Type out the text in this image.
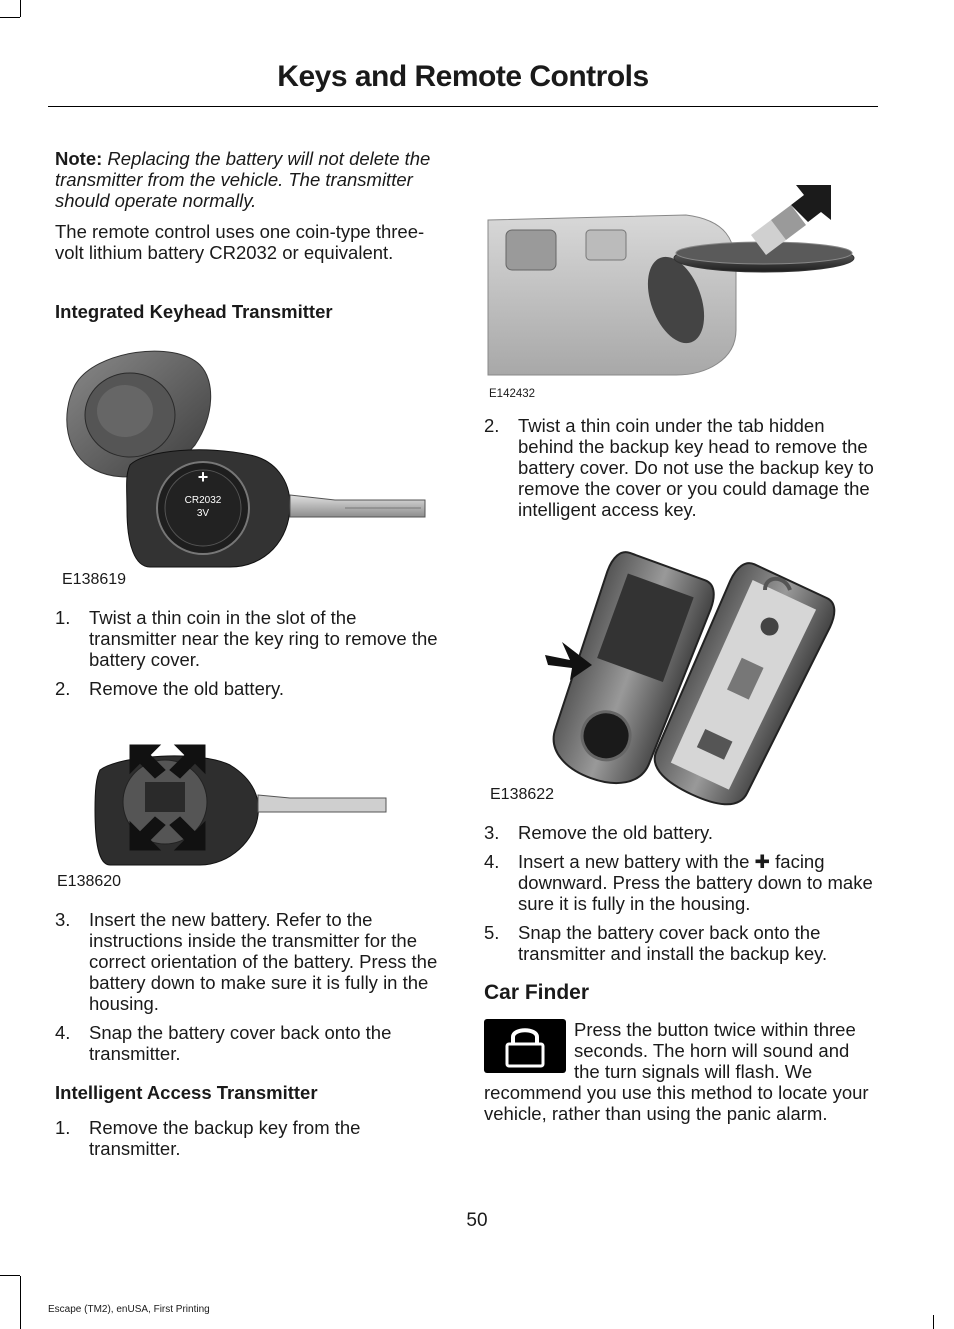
Keys and Remote Controls

Note: Replacing the battery will not delete the transmitter from the vehicle. The transmitter should operate normally.

The remote control uses one coin-type three-volt lithium battery CR2032 or equivalent.

Integrated Keyhead Transmitter
+
CR2032
3V
E138619
1. Twist a thin coin in the slot of the transmitter near the key ring to remove the battery cover.
2. Remove the old battery.
E138620
3. Insert the new battery. Refer to the instructions inside the transmitter for the correct orientation of the battery. Press the battery down to make sure it is fully in the housing.
4. Snap the battery cover back onto the transmitter.
Intelligent Access Transmitter
1. Remove the backup key from the transmitter.
E142432
2. Twist a thin coin under the tab hidden behind the backup key head to remove the battery cover. Do not use the backup key to remove the cover or you could damage the intelligent access key.
E138622
3. Remove the old battery.
4. Insert a new battery with the ✚ facing downward. Press the battery down to make sure it is fully in the housing.
5. Snap the battery cover back onto the transmitter and install the backup key.
Car Finder

Press the button twice within three seconds. The horn will sound and the turn signals will flash. We recommend you use this method to locate your vehicle, rather than using the panic alarm.

50
Escape (TM2), enUSA, First Printing
